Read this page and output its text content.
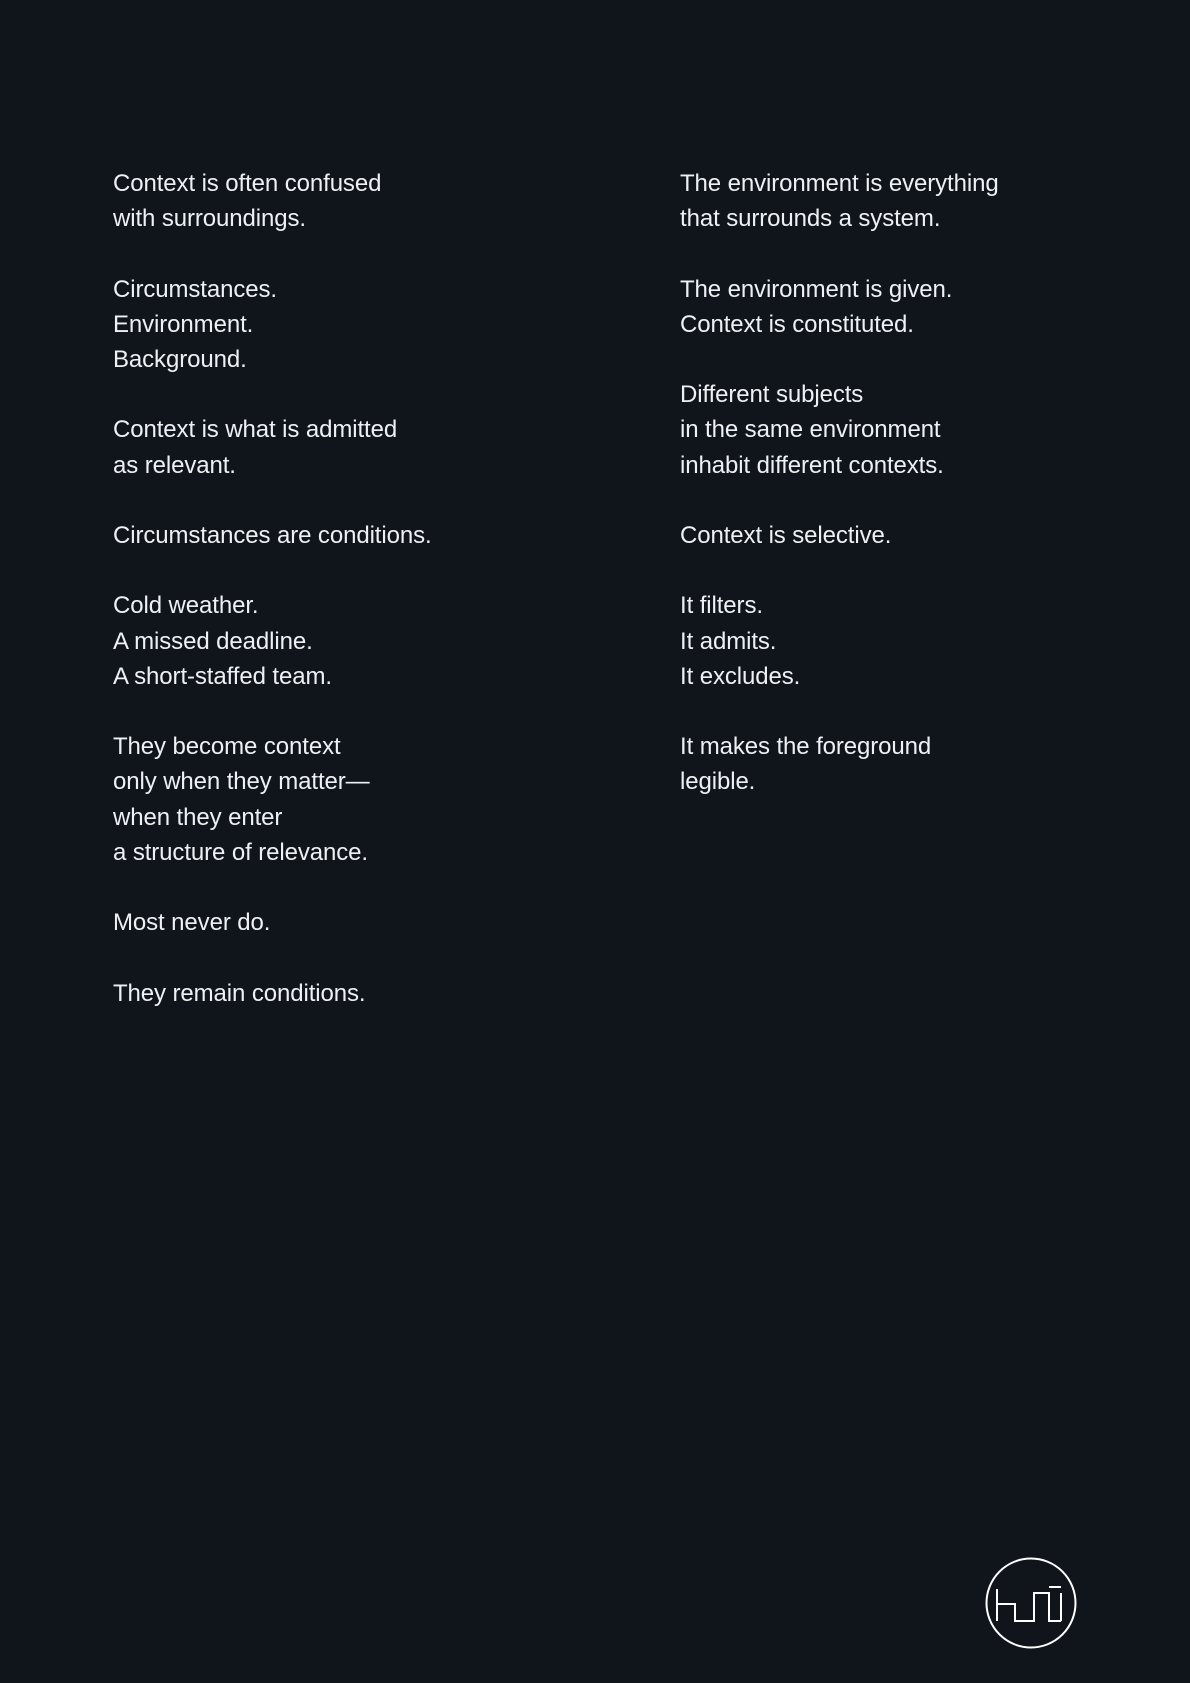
Context is often confused
with surroundings.
Circumstances.
Environment.
Background.
Context is what is admitted
as relevant.
Circumstances are conditions.
Cold weather.
A missed deadline.
A short-staffed team.
They become context
only when they matter—
when they enter
a structure of relevance.
Most never do.
They remain conditions.
The environment is everything
that surrounds a system.
The environment is given.
Context is constituted.
Different subjects
in the same environment
inhabit different contexts.
Context is selective.
It filters.
It admits.
It excludes.
It makes the foreground
legible.
